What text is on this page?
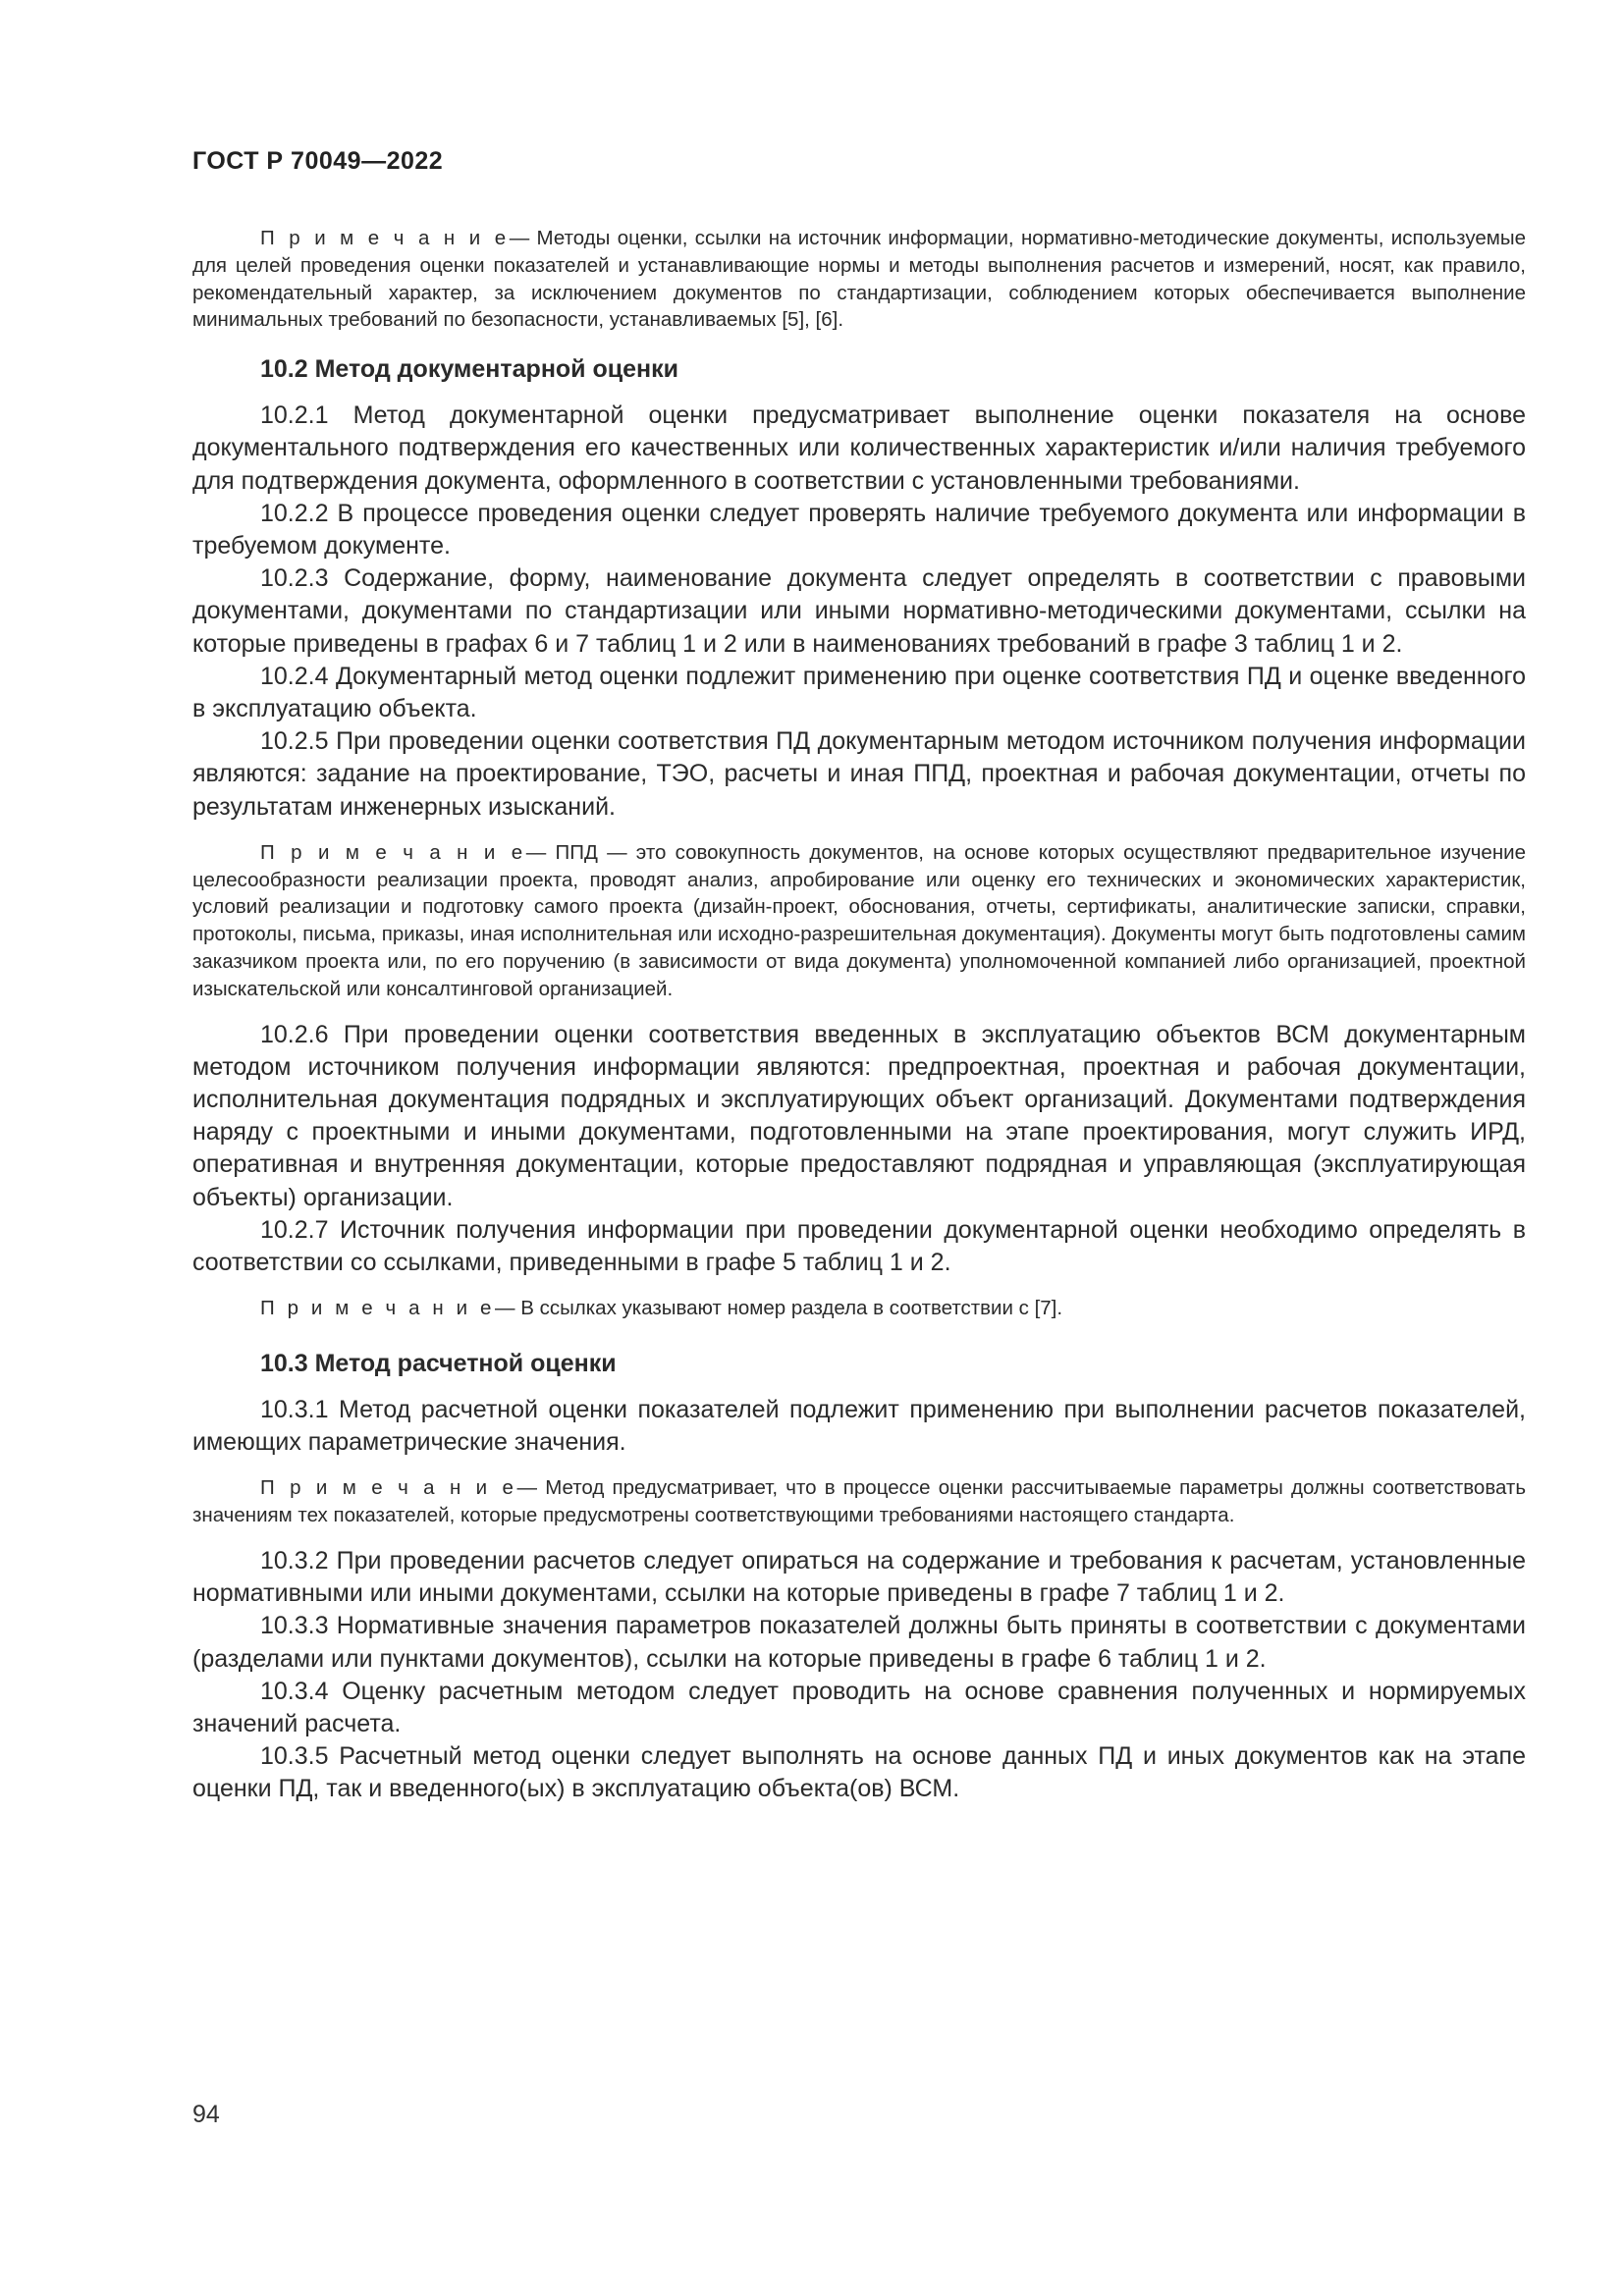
ГОСТ Р 70049—2022

П р и м е ч а н и е— Методы оценки, ссылки на источник информации, нормативно-методические документы, используемые для целей проведения оценки показателей и устанавливающие нормы и методы выполнения расчетов и измерений, носят, как правило, рекомендательный характер, за исключением документов по стандартизации, соблюдением которых обеспечивается выполнение минимальных требований по безопасности, устанавливаемых [5], [6].

10.2 Метод документарной оценки

10.2.1 Метод документарной оценки предусматривает выполнение оценки показателя на основе документального подтверждения его качественных или количественных характеристик и/или наличия требуемого для подтверждения документа, оформленного в соответствии с установленными требованиями.

10.2.2 В процессе проведения оценки следует проверять наличие требуемого документа или информации в требуемом документе.

10.2.3 Содержание, форму, наименование документа следует определять в соответствии с правовыми документами, документами по стандартизации или иными нормативно-методическими документами, ссылки на которые приведены в графах 6 и 7 таблиц 1 и 2 или в наименованиях требований в графе 3 таблиц 1 и 2.

10.2.4 Документарный метод оценки подлежит применению при оценке соответствия ПД и оценке введенного в эксплуатацию объекта.

10.2.5 При проведении оценки соответствия ПД документарным методом источником получения информации являются: задание на проектирование, ТЭО, расчеты и иная ППД, проектная и рабочая документации, отчеты по результатам инженерных изысканий.

П р и м е ч а н и е— ППД — это совокупность документов, на основе которых осуществляют предварительное изучение целесообразности реализации проекта, проводят анализ, апробирование или оценку его технических и экономических характеристик, условий реализации и подготовку самого проекта (дизайн-проект, обоснования, отчеты, сертификаты, аналитические записки, справки, протоколы, письма, приказы, иная исполнительная или исходно-разрешительная документация). Документы могут быть подготовлены самим заказчиком проекта или, по его поручению (в зависимости от вида документа) уполномоченной компанией либо организацией, проектной изыскательской или консалтинговой организацией.

10.2.6 При проведении оценки соответствия введенных в эксплуатацию объектов ВСМ документарным методом источником получения информации являются: предпроектная, проектная и рабочая документации, исполнительная документация подрядных и эксплуатирующих объект организаций. Документами подтверждения наряду с проектными и иными документами, подготовленными на этапе проектирования, могут служить ИРД, оперативная и внутренняя документации, которые предоставляют подрядная и управляющая (эксплуатирующая объекты) организации.

10.2.7 Источник получения информации при проведении документарной оценки необходимо определять в соответствии со ссылками, приведенными в графе 5 таблиц 1 и 2.

П р и м е ч а н и е— В ссылках указывают номер раздела в соответствии с [7].

10.3 Метод расчетной оценки

10.3.1 Метод расчетной оценки показателей подлежит применению при выполнении расчетов показателей, имеющих параметрические значения.

П р и м е ч а н и е— Метод предусматривает, что в процессе оценки рассчитываемые параметры должны соответствовать значениям тех показателей, которые предусмотрены соответствующими требованиями настоящего стандарта.

10.3.2 При проведении расчетов следует опираться на содержание и требования к расчетам, установленные нормативными или иными документами, ссылки на которые приведены в графе 7 таблиц 1 и 2.

10.3.3 Нормативные значения параметров показателей должны быть приняты в соответствии с документами (разделами или пунктами документов), ссылки на которые приведены в графе 6 таблиц 1 и 2.

10.3.4 Оценку расчетным методом следует проводить на основе сравнения полученных и нормируемых значений расчета.

10.3.5 Расчетный метод оценки следует выполнять на основе данных ПД и иных документов как на этапе оценки ПД, так и введенного(ых) в эксплуатацию объекта(ов) ВСМ.

94
